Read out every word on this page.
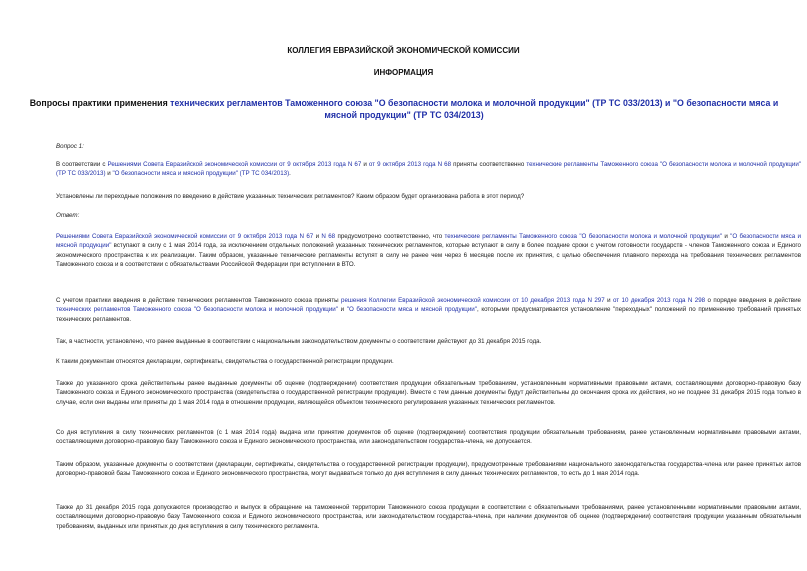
КОЛЛЕГИЯ ЕВРАЗИЙСКОЙ ЭКОНОМИЧЕСКОЙ КОМИССИИ
ИНФОРМАЦИЯ
Вопросы практики применения технических регламентов Таможенного союза "О безопасности молока и молочной продукции" (ТР ТС 033/2013) и "О безопасности мяса и мясной продукции" (ТР ТС 034/2013)

Вопрос 1:

В соответствии с Решениями Совета Евразийской экономической комиссии от 9 октября 2013 года N 67 и от 9 октября 2013 года N 68 приняты соответственно технические регламенты Таможенного союза "О безопасности молока и молочной продукции" (ТР ТС 033/2013) и "О безопасности мяса и мясной продукции" (ТР ТС 034/2013).

Установлены ли переходные положения по введению в действие указанных технических регламентов? Каким образом будет организована работа в этот период?

Ответ:

Решениями Совета Евразийской экономической комиссии от 9 октября 2013 года N 67 и N 68 предусмотрено соответственно, что технические регламенты Таможенного союза "О безопасности молока и молочной продукции" и "О безопасности мяса и мясной продукции" вступают в силу с 1 мая 2014 года, за исключением отдельных положений указанных технических регламентов, которые вступают в силу в более поздние сроки с учетом готовности государств - членов Таможенного союза и Единого экономического пространства к их реализации. Таким образом, указанные технические регламенты вступят в силу не ранее чем через 6 месяцев после их принятия, с целью обеспечения плавного перехода на требования технических регламентов Таможенного союза и в соответствии с обязательствами Российской Федерации при вступлении в ВТО.

С учетом практики введения в действие технических регламентов Таможенного союза приняты решения Коллегии Евразийской экономической комиссии от 10 декабря 2013 года N 297 и от 10 декабря 2013 года N 298 о порядке введения в действие технических регламентов Таможенного союза "О безопасности молока и молочной продукции" и "О безопасности мяса и мясной продукции", которыми предусматривается установление "переходных" положений по применению требований принятых технических регламентов.

Так, в частности, установлено, что ранее выданные в соответствии с национальным законодательством документы о соответствии действуют до 31 декабря 2015 года.

К таким документам относятся декларации, сертификаты, свидетельства о государственной регистрации продукции.

Также до указанного срока действительны ранее выданные документы об оценке (подтверждении) соответствия продукции обязательным требованиям, установленным нормативными правовыми актами, составляющими договорно-правовую базу Таможенного союза и Единого экономического пространства (свидетельства о государственной регистрации продукции). Вместе с тем данные документы будут действительны до окончания срока их действия, но не позднее 31 декабря 2015 года только в случае, если они выданы или приняты до 1 мая 2014 года в отношении продукции, являющейся объектом технического регулирования указанных технических регламентов.

Со дня вступления в силу технических регламентов (с 1 мая 2014 года) выдача или принятие документов об оценке (подтверждении) соответствия продукции обязательным требованиям, ранее установленным нормативными правовыми актами, составляющими договорно-правовую базу Таможенного союза и Единого экономического пространства, или законодательством государства-члена, не допускается.

Таким образом, указанные документы о соответствии (декларации, сертификаты, свидетельства о государственной регистрации продукции), предусмотренные требованиями национального законодательства государства-члена или ранее принятых актов договорно-правовой базы Таможенного союза и Единого экономического пространства, могут выдаваться только до дня вступления в силу данных технических регламентов, то есть до 1 мая 2014 года.

Также до 31 декабря 2015 года допускаются производство и выпуск в обращение на таможенной территории Таможенного союза продукции в соответствии с обязательными требованиями, ранее установленными нормативными правовыми актами, составляющими договорно-правовую базу Таможенного союза и Единого экономического пространства, или законодательством государства-члена, при наличии документов об оценке (подтверждении) соответствия продукции указанным обязательным требованиям, выданных или принятых до дня вступления в силу технического регламента.
